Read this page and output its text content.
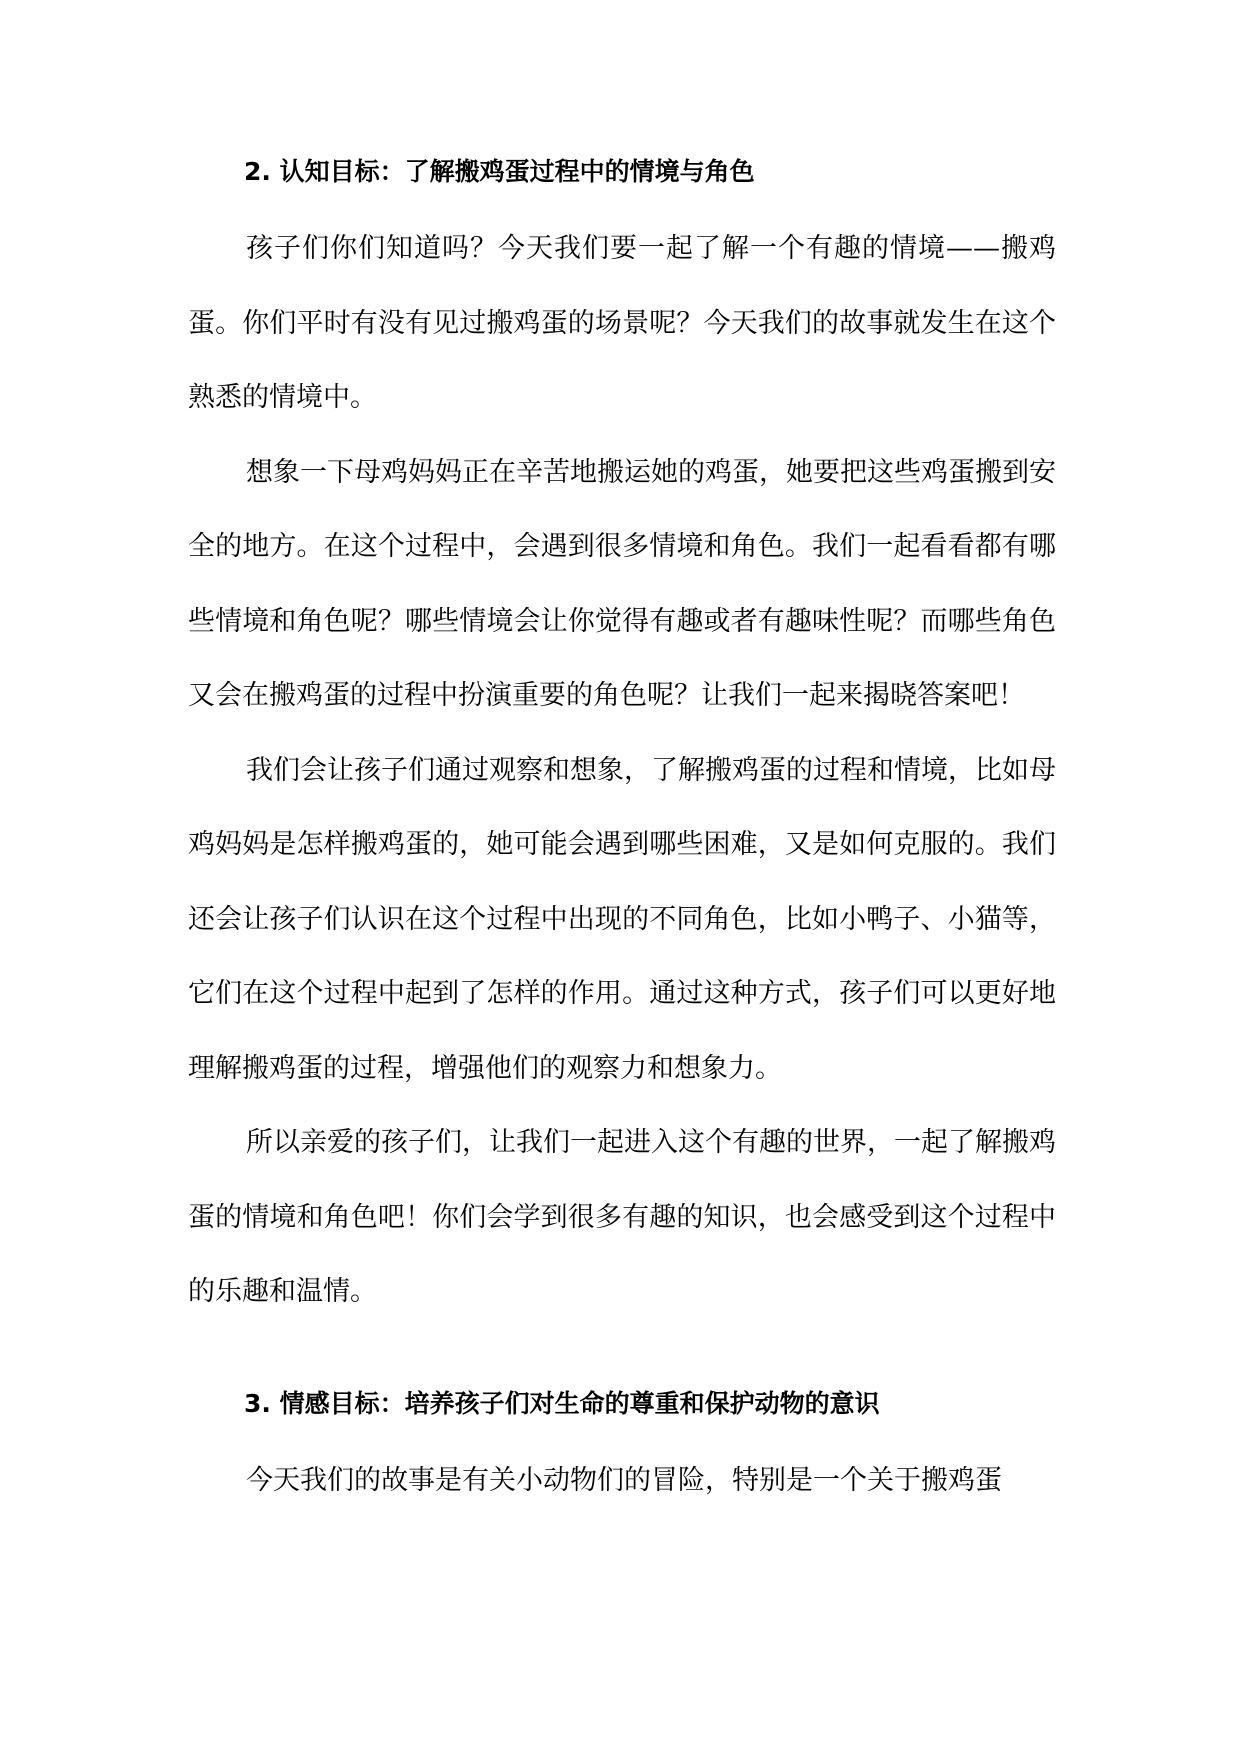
2. 认知目标：了解搬鸡蛋过程中的情境与角色

孩子们你们知道吗？今天我们要一起了解一个有趣的情境——搬鸡蛋。你们平时有没有见过搬鸡蛋的场景呢？今天我们的故事就发生在这个熟悉的情境中。

想象一下母鸡妈妈正在辛苦地搬运她的鸡蛋，她要把这些鸡蛋搬到安全的地方。在这个过程中，会遇到很多情境和角色。我们一起看看都有哪些情境和角色呢？哪些情境会让你觉得有趣或者有趣味性呢？而哪些角色又会在搬鸡蛋的过程中扮演重要的角色呢？让我们一起来揭晓答案吧！

我们会让孩子们通过观察和想象，了解搬鸡蛋的过程和情境，比如母鸡妈妈是怎样搬鸡蛋的，她可能会遇到哪些困难，又是如何克服的。我们还会让孩子们认识在这个过程中出现的不同角色，比如小鸭子、小猫等，它们在这个过程中起到了怎样的作用。通过这种方式，孩子们可以更好地理解搬鸡蛋的过程，增强他们的观察力和想象力。

所以亲爱的孩子们，让我们一起进入这个有趣的世界，一起了解搬鸡蛋的情境和角色吧！你们会学到很多有趣的知识，也会感受到这个过程中的乐趣和温情。

3. 情感目标：培养孩子们对生命的尊重和保护动物的意识

今天我们的故事是有关小动物们的冒险，特别是一个关于搬鸡蛋
